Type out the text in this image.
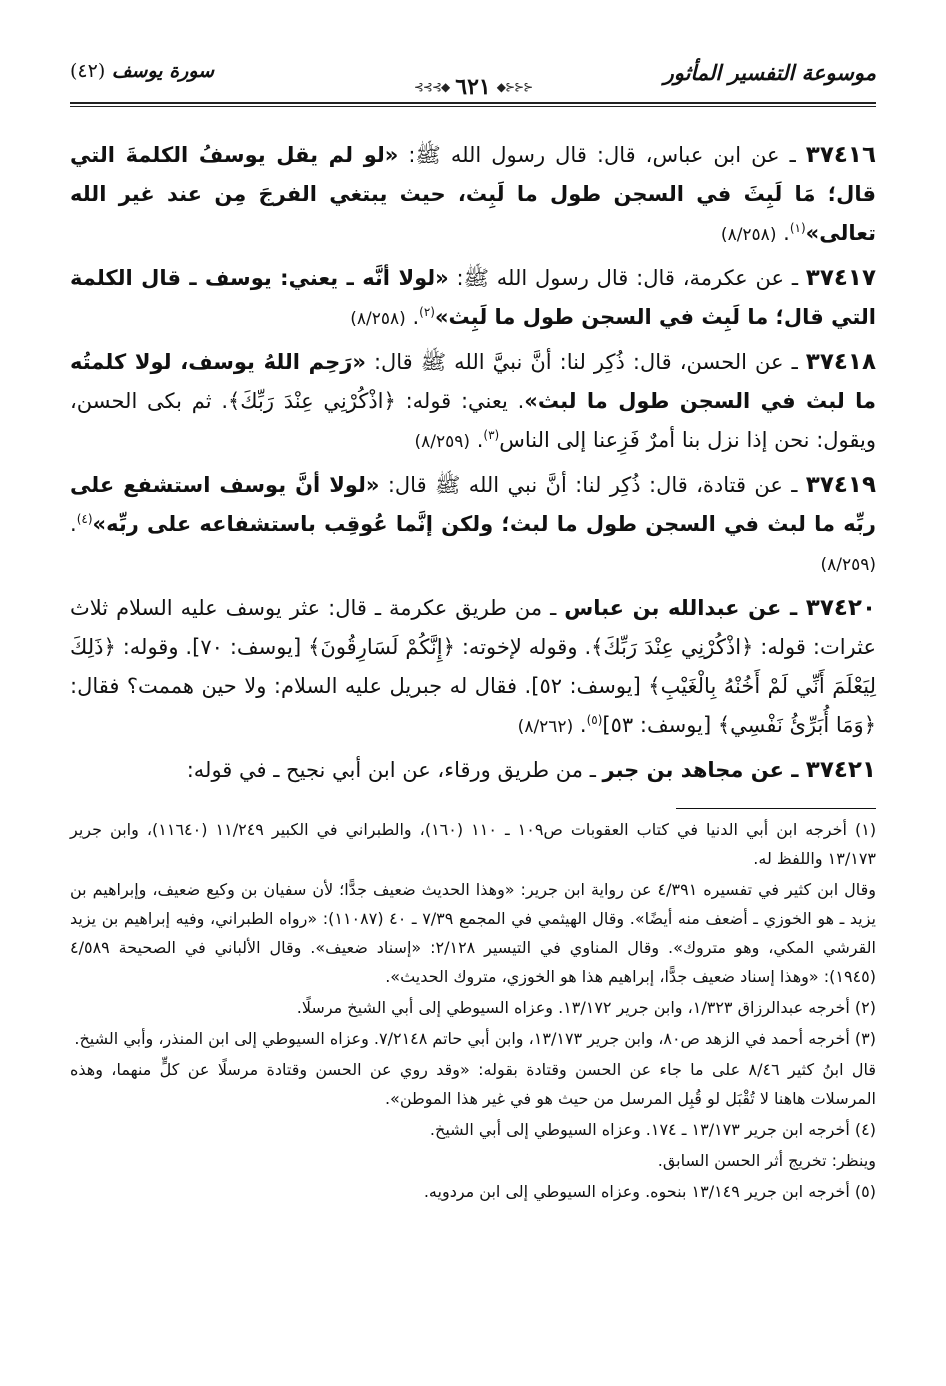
موسوعة التفسير المأثور
⊰⊰⊰◆ ٦٢١ ◆⊱⊱⊱
سورة يوسف (٤٢)

٣٧٤١٦ ـ عن ابن عباس، قال: قال رسول الله ﷺ: «لو لم يقل يوسفُ الكلمةَ التي قال؛ مَا لَبِثَ في السجن طول ما لَبِث، حيث يبتغي الفرجَ مِن عند غير الله تعالى»$^{(١)}$. (٨/٢٥٨)

٣٧٤١٧ ـ عن عكرمة، قال: قال رسول الله ﷺ: «لولا أنَّه ـ يعني: يوسف ـ قال الكلمة التي قال؛ ما لَبِث في السجن طول ما لَبِث»$^{(٢)}$. (٨/٢٥٨)

٣٧٤١٨ ـ عن الحسن، قال: ذُكِر لنا: أنَّ نبيَّ الله ﷺ قال: «رَحِم اللهُ يوسف، لولا كلمتُه ما لبث في السجن طول ما لبث». يعني: قوله: ﴿اذْكُرْنِي عِنْدَ رَبِّكَ﴾. ثم بكى الحسن، ويقول: نحن إذا نزل بنا أمرٌ فَزِعنا إلى الناس$^{(٣)}$. (٨/٢٥٩)

٣٧٤١٩ ـ عن قتادة، قال: ذُكِر لنا: أنَّ نبي الله ﷺ قال: «لولا أنَّ يوسف استشفع على ربِّه ما لبث في السجن طول ما لبث؛ ولكن إنَّما عُوقِب باستشفاعه على ربِّه»$^{(٤)}$. (٨/٢٥٩)

٣٧٤٢٠ ـ عن عبدالله بن عباس ـ من طريق عكرمة ـ قال: عثر يوسف عليه السلام ثلاث عثرات: قوله: ﴿اذْكُرْنِي عِنْدَ رَبِّكَ﴾. وقوله لإخوته: ﴿إِنَّكُمْ لَسَارِقُونَ﴾ [يوسف: ٧٠]. وقوله: ﴿ذَلِكَ لِيَعْلَمَ أَنِّي لَمْ أَخُنْهُ بِالْغَيْبِ﴾ [يوسف: ٥٢]. فقال له جبريل عليه السلام: ولا حين هممت؟ فقال: ﴿وَمَا أُبَرِّئُ نَفْسِي﴾ [يوسف: ٥٣]$^{(٥)}$. (٨/٢٦٢)

٣٧٤٢١ ـ عن مجاهد بن جبر ـ من طريق ورقاء، عن ابن أبي نجيح ـ في قوله:

(١) أخرجه ابن أبي الدنيا في كتاب العقوبات ص١٠٩ ـ ١١٠ (١٦٠)، والطبراني في الكبير ١١/٢٤٩ (١١٦٤٠)، وابن جرير ١٣/١٧٣ واللفظ له.

وقال ابن كثير في تفسيره ٤/٣٩١ عن رواية ابن جرير: «وهذا الحديث ضعيف جدًّا؛ لأن سفيان بن وكيع ضعيف، وإبراهيم بن يزيد ـ هو الخوزي ـ أضعف منه أيضًا». وقال الهيثمي في المجمع ٧/٣٩ ـ ٤٠ (١١٠٨٧): «رواه الطبراني، وفيه إبراهيم بن يزيد القرشي المكي، وهو متروك». وقال المناوي في التيسير ٢/١٢٨: «إسناد ضعيف». وقال الألباني في الصحيحة ٤/٥٨٩ (١٩٤٥): «وهذا إسناد ضعيف جدًّا، إبراهيم هذا هو الخوزي، متروك الحديث».

(٢) أخرجه عبدالرزاق ١/٣٢٣، وابن جرير ١٣/١٧٢. وعزاه السيوطي إلى أبي الشيخ مرسلًا.

(٣) أخرجه أحمد في الزهد ص٨٠، وابن جرير ١٣/١٧٣، وابن أبي حاتم ٧/٢١٤٨. وعزاه السيوطي إلى ابن المنذر، وأبي الشيخ.

قال ابنُ كثير ٨/٤٦ على ما جاء عن الحسن وقتادة بقوله: «وقد روي عن الحسن وقتادة مرسلًا عن كلٍّ منهما، وهذه المرسلات هاهنا لا تُقْبَل لو قُبِل المرسل من حيث هو في غير هذا الموطن».

(٤) أخرجه ابن جرير ١٣/١٧٣ ـ ١٧٤. وعزاه السيوطي إلى أبي الشيخ.

وينظر: تخريج أثر الحسن السابق.

(٥) أخرجه ابن جرير ١٣/١٤٩ بنحوه. وعزاه السيوطي إلى ابن مردويه.
